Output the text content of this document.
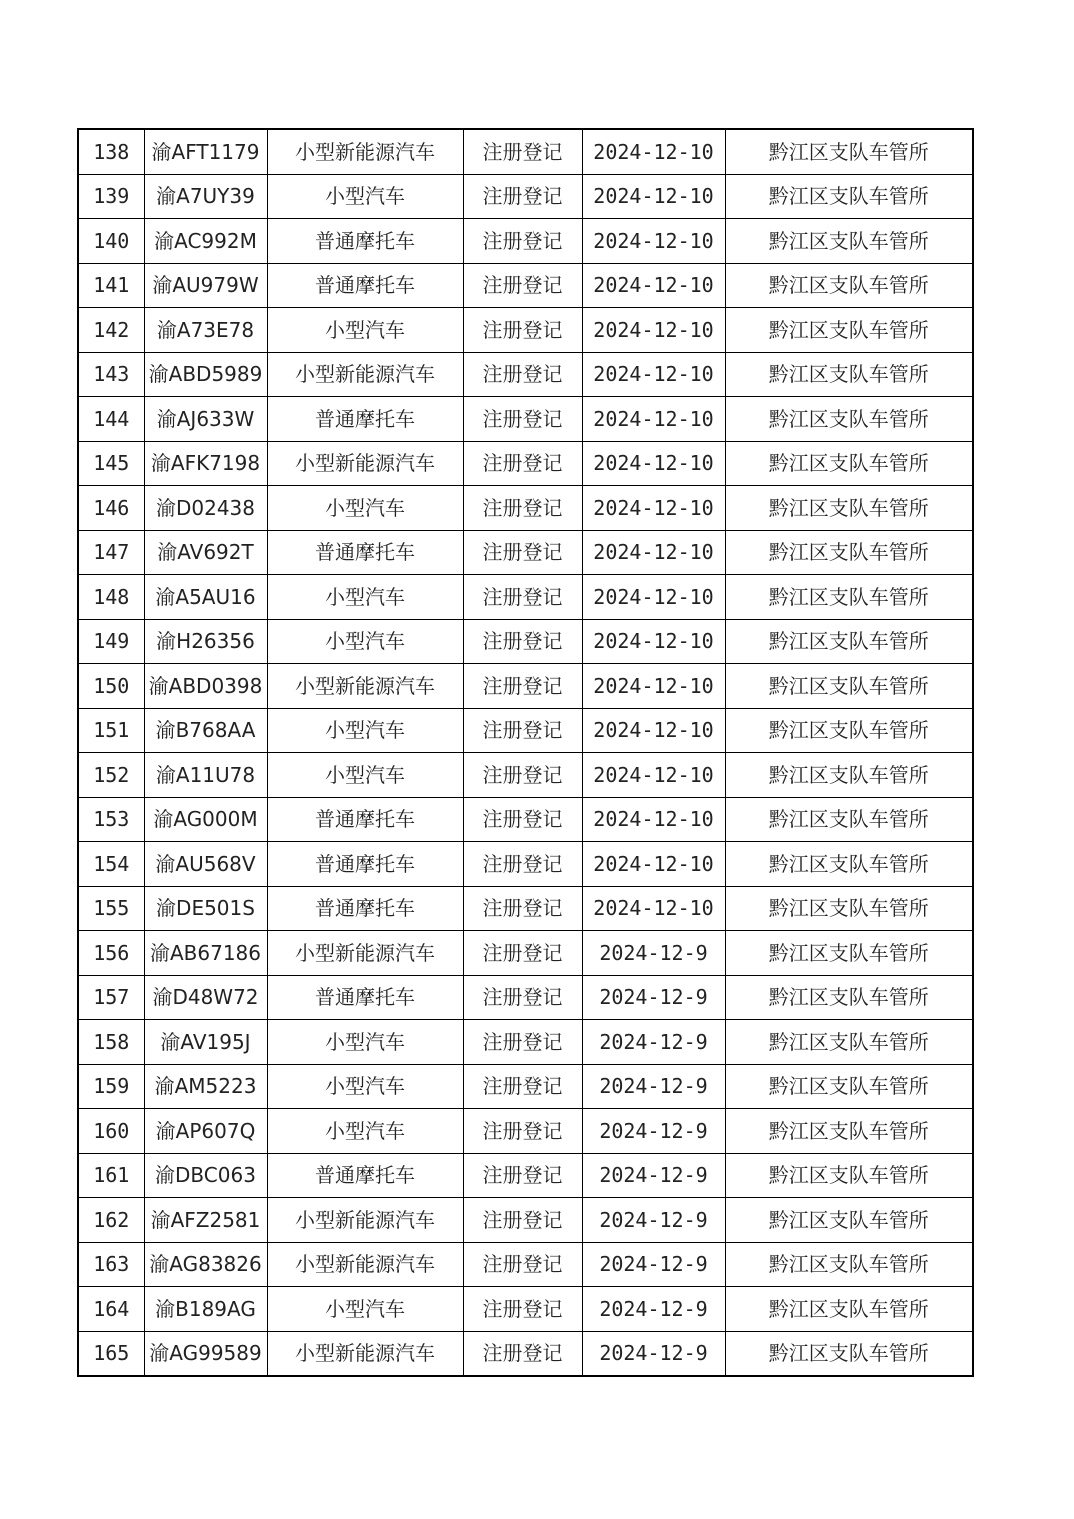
138	渝AFT1179	小型新能源汽车	注册登记	2024-12-10	黔江区支队车管所
139	渝A7UY39	小型汽车	注册登记	2024-12-10	黔江区支队车管所
140	渝AC992M	普通摩托车	注册登记	2024-12-10	黔江区支队车管所
141	渝AU979W	普通摩托车	注册登记	2024-12-10	黔江区支队车管所
142	渝A73E78	小型汽车	注册登记	2024-12-10	黔江区支队车管所
143	渝ABD5989	小型新能源汽车	注册登记	2024-12-10	黔江区支队车管所
144	渝AJ633W	普通摩托车	注册登记	2024-12-10	黔江区支队车管所
145	渝AFK7198	小型新能源汽车	注册登记	2024-12-10	黔江区支队车管所
146	渝D02438	小型汽车	注册登记	2024-12-10	黔江区支队车管所
147	渝AV692T	普通摩托车	注册登记	2024-12-10	黔江区支队车管所
148	渝A5AU16	小型汽车	注册登记	2024-12-10	黔江区支队车管所
149	渝H26356	小型汽车	注册登记	2024-12-10	黔江区支队车管所
150	渝ABD0398	小型新能源汽车	注册登记	2024-12-10	黔江区支队车管所
151	渝B768AA	小型汽车	注册登记	2024-12-10	黔江区支队车管所
152	渝A11U78	小型汽车	注册登记	2024-12-10	黔江区支队车管所
153	渝AG000M	普通摩托车	注册登记	2024-12-10	黔江区支队车管所
154	渝AU568V	普通摩托车	注册登记	2024-12-10	黔江区支队车管所
155	渝DE501S	普通摩托车	注册登记	2024-12-10	黔江区支队车管所
156	渝AB67186	小型新能源汽车	注册登记	2024-12-9	黔江区支队车管所
157	渝D48W72	普通摩托车	注册登记	2024-12-9	黔江区支队车管所
158	渝AV195J	小型汽车	注册登记	2024-12-9	黔江区支队车管所
159	渝AM5223	小型汽车	注册登记	2024-12-9	黔江区支队车管所
160	渝AP607Q	小型汽车	注册登记	2024-12-9	黔江区支队车管所
161	渝DBC063	普通摩托车	注册登记	2024-12-9	黔江区支队车管所
162	渝AFZ2581	小型新能源汽车	注册登记	2024-12-9	黔江区支队车管所
163	渝AG83826	小型新能源汽车	注册登记	2024-12-9	黔江区支队车管所
164	渝B189AG	小型汽车	注册登记	2024-12-9	黔江区支队车管所
165	渝AG99589	小型新能源汽车	注册登记	2024-12-9	黔江区支队车管所
